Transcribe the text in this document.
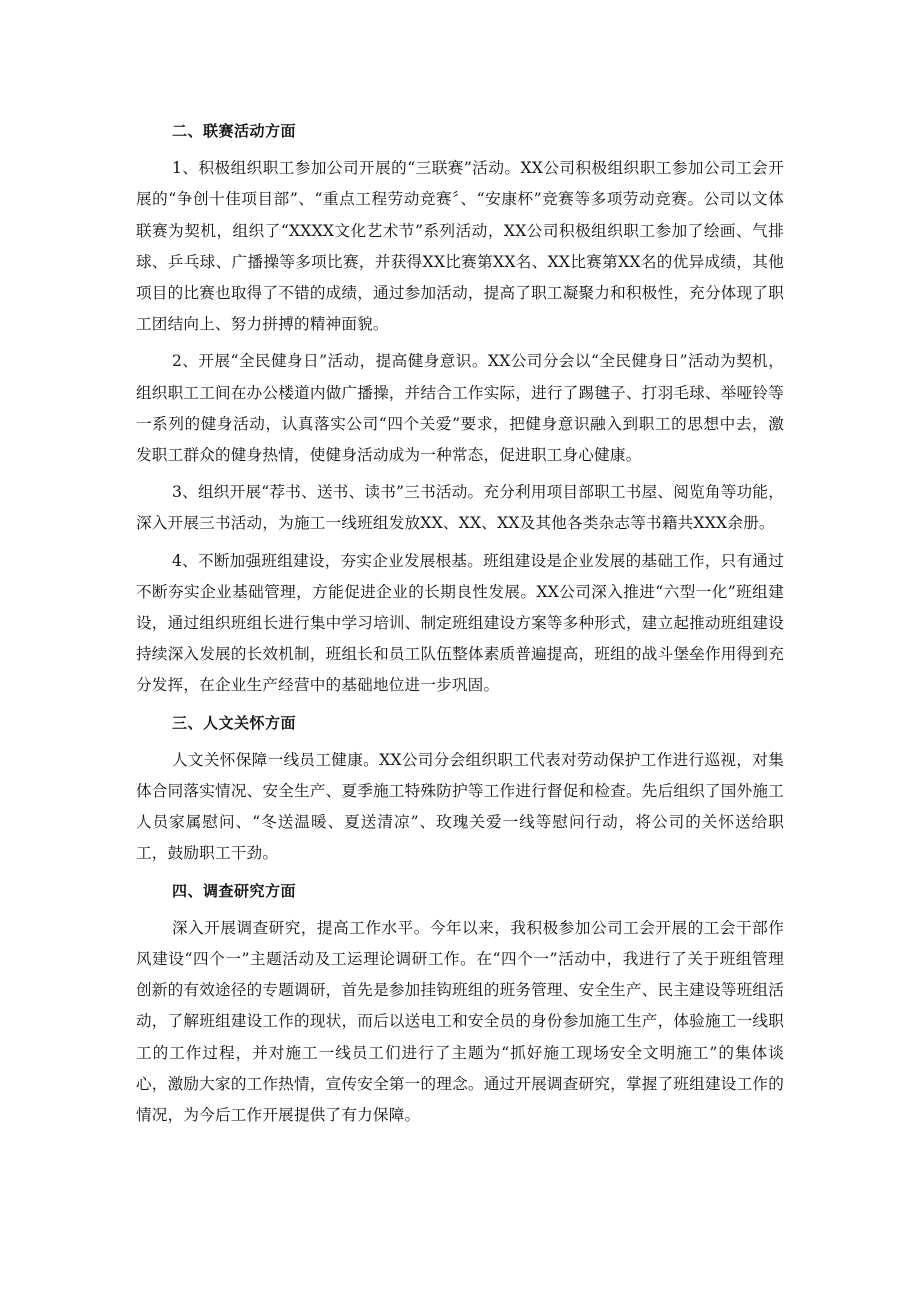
二、联赛活动方面

1、积极组织职工参加公司开展的“三联赛”活动。XX公司积极组织职工参加公司工会开展的“争创十佳项目部”、“重点工程劳动竞赛〞、“安康杯”竞赛等多项劳动竞赛。公司以文体联赛为契机，组织了“XXXX文化艺术节”系列活动，XX公司积极组织职工参加了绘画、气排球、乒乓球、广播操等多项比赛，并获得XX比赛第XX名、XX比赛第XX名的优异成绩，其他项目的比赛也取得了不错的成绩，通过参加活动，提高了职工凝聚力和积极性，充分体现了职工团结向上、努力拼搏的精神面貌。

2、开展“全民健身日”活动，提高健身意识。XX公司分会以“全民健身日”活动为契机，组织职工工间在办公楼道内做广播操，并结合工作实际，进行了踢毽子、打羽毛球、举哑铃等一系列的健身活动，认真落实公司“四个关爱”要求，把健身意识融入到职工的思想中去，激发职工群众的健身热情，使健身活动成为一种常态，促进职工身心健康。

3、组织开展“荐书、送书、读书”三书活动。充分利用项目部职工书屋、阅览角等功能，深入开展三书活动，为施工一线班组发放XX、XX、XX及其他各类杂志等书籍共XXX余册。

4、不断加强班组建设，夯实企业发展根基。班组建设是企业发展的基础工作，只有通过不断夯实企业基础管理，方能促进企业的长期良性发展。XX公司深入推进“六型一化”班组建设，通过组织班组长进行集中学习培训、制定班组建设方案等多种形式，建立起推动班组建设持续深入发展的长效机制，班组长和员工队伍整体素质普遍提高，班组的战斗堡垒作用得到充分发挥，在企业生产经营中的基础地位进一步巩固。

三、人文关怀方面

人文关怀保障一线员工健康。XX公司分会组织职工代表对劳动保护工作进行巡视，对集体合同落实情况、安全生产、夏季施工特殊防护等工作进行督促和检查。先后组织了国外施工人员家属慰问、“冬送温暖、夏送清凉”、玫瑰关爱一线等慰问行动，将公司的关怀送给职工，鼓励职工干劲。

四、调查研究方面

深入开展调查研究，提高工作水平。今年以来，我积极参加公司工会开展的工会干部作风建设“四个一”主题活动及工运理论调研工作。在“四个一”活动中，我进行了关于班组管理创新的有效途径的专题调研，首先是参加挂钩班组的班务管理、安全生产、民主建设等班组活动，了解班组建设工作的现状，而后以送电工和安全员的身份参加施工生产，体验施工一线职工的工作过程，并对施工一线员工们进行了主题为“抓好施工现场安全文明施工”的集体谈心，激励大家的工作热情，宣传安全第一的理念。通过开展调查研究，掌握了班组建设工作的情况，为今后工作开展提供了有力保障。
